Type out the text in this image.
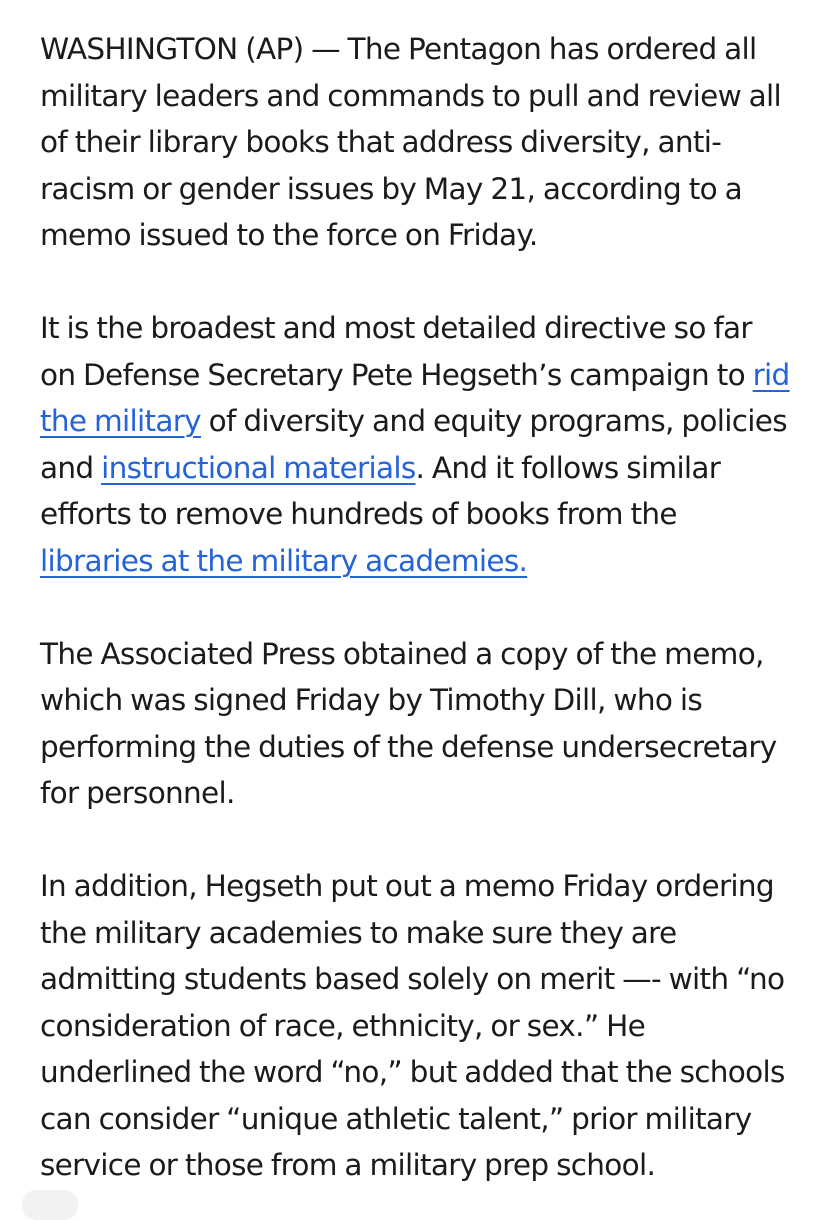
WASHINGTON (AP) — The Pentagon has ordered all
military leaders and commands to pull and review all
of their library books that address diversity, anti-
racism or gender issues by May 21, according to a
memo issued to the force on Friday.

It is the broadest and most detailed directive so far
on Defense Secretary Pete Hegseth’s campaign to rid
the military of diversity and equity programs, policies
and instructional materials. And it follows similar
efforts to remove hundreds of books from the
libraries at the military academies.

The Associated Press obtained a copy of the memo,
which was signed Friday by Timothy Dill, who is
performing the duties of the defense undersecretary
for personnel.

In addition, Hegseth put out a memo Friday ordering
the military academies to make sure they are
admitting students based solely on merit —- with “no
consideration of race, ethnicity, or sex.” He
underlined the word “no,” but added that the schools
can consider “unique athletic talent,” prior military
service or those from a military prep school.
